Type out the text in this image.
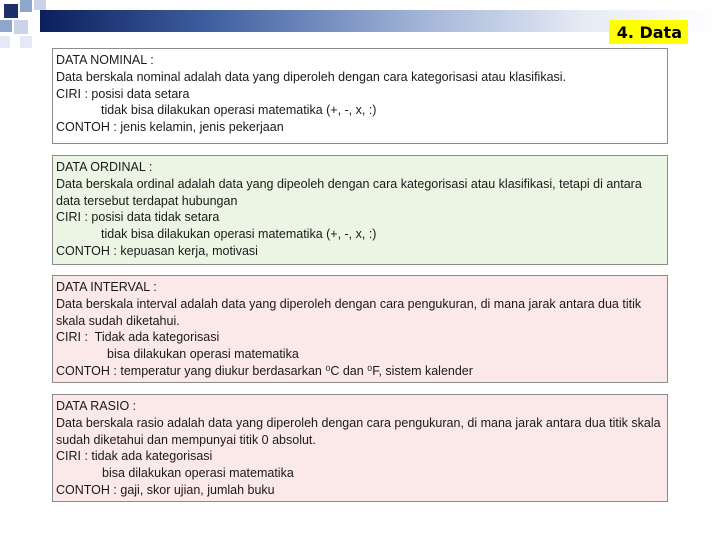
4. Data

DATA NOMINAL :

Data berskala nominal adalah data yang diperoleh dengan cara kategorisasi atau klasifikasi.

CIRI : posisi data setara

tidak bisa dilakukan operasi matematika (+, -, x, :)

CONTOH : jenis kelamin, jenis pekerjaan

DATA ORDINAL :

Data berskala ordinal adalah data yang dipeoleh dengan cara kategorisasi atau klasifikasi, tetapi di antara data tersebut terdapat hubungan

CIRI : posisi data tidak setara

tidak bisa dilakukan operasi matematika (+, -, x, :)

CONTOH : kepuasan kerja, motivasi

DATA INTERVAL :

Data berskala interval adalah data yang diperoleh dengan cara pengukuran, di mana jarak antara dua titik skala sudah diketahui.

CIRI :  Tidak ada kategorisasi

bisa dilakukan operasi matematika

CONTOH : temperatur yang diukur berdasarkan ⁰C dan ⁰F, sistem kalender

DATA RASIO :

Data berskala rasio adalah data yang diperoleh dengan cara pengukuran, di mana jarak antara dua titik skala sudah diketahui dan mempunyai titik 0 absolut.

CIRI : tidak ada kategorisasi

bisa dilakukan operasi matematika

CONTOH : gaji, skor ujian, jumlah buku
